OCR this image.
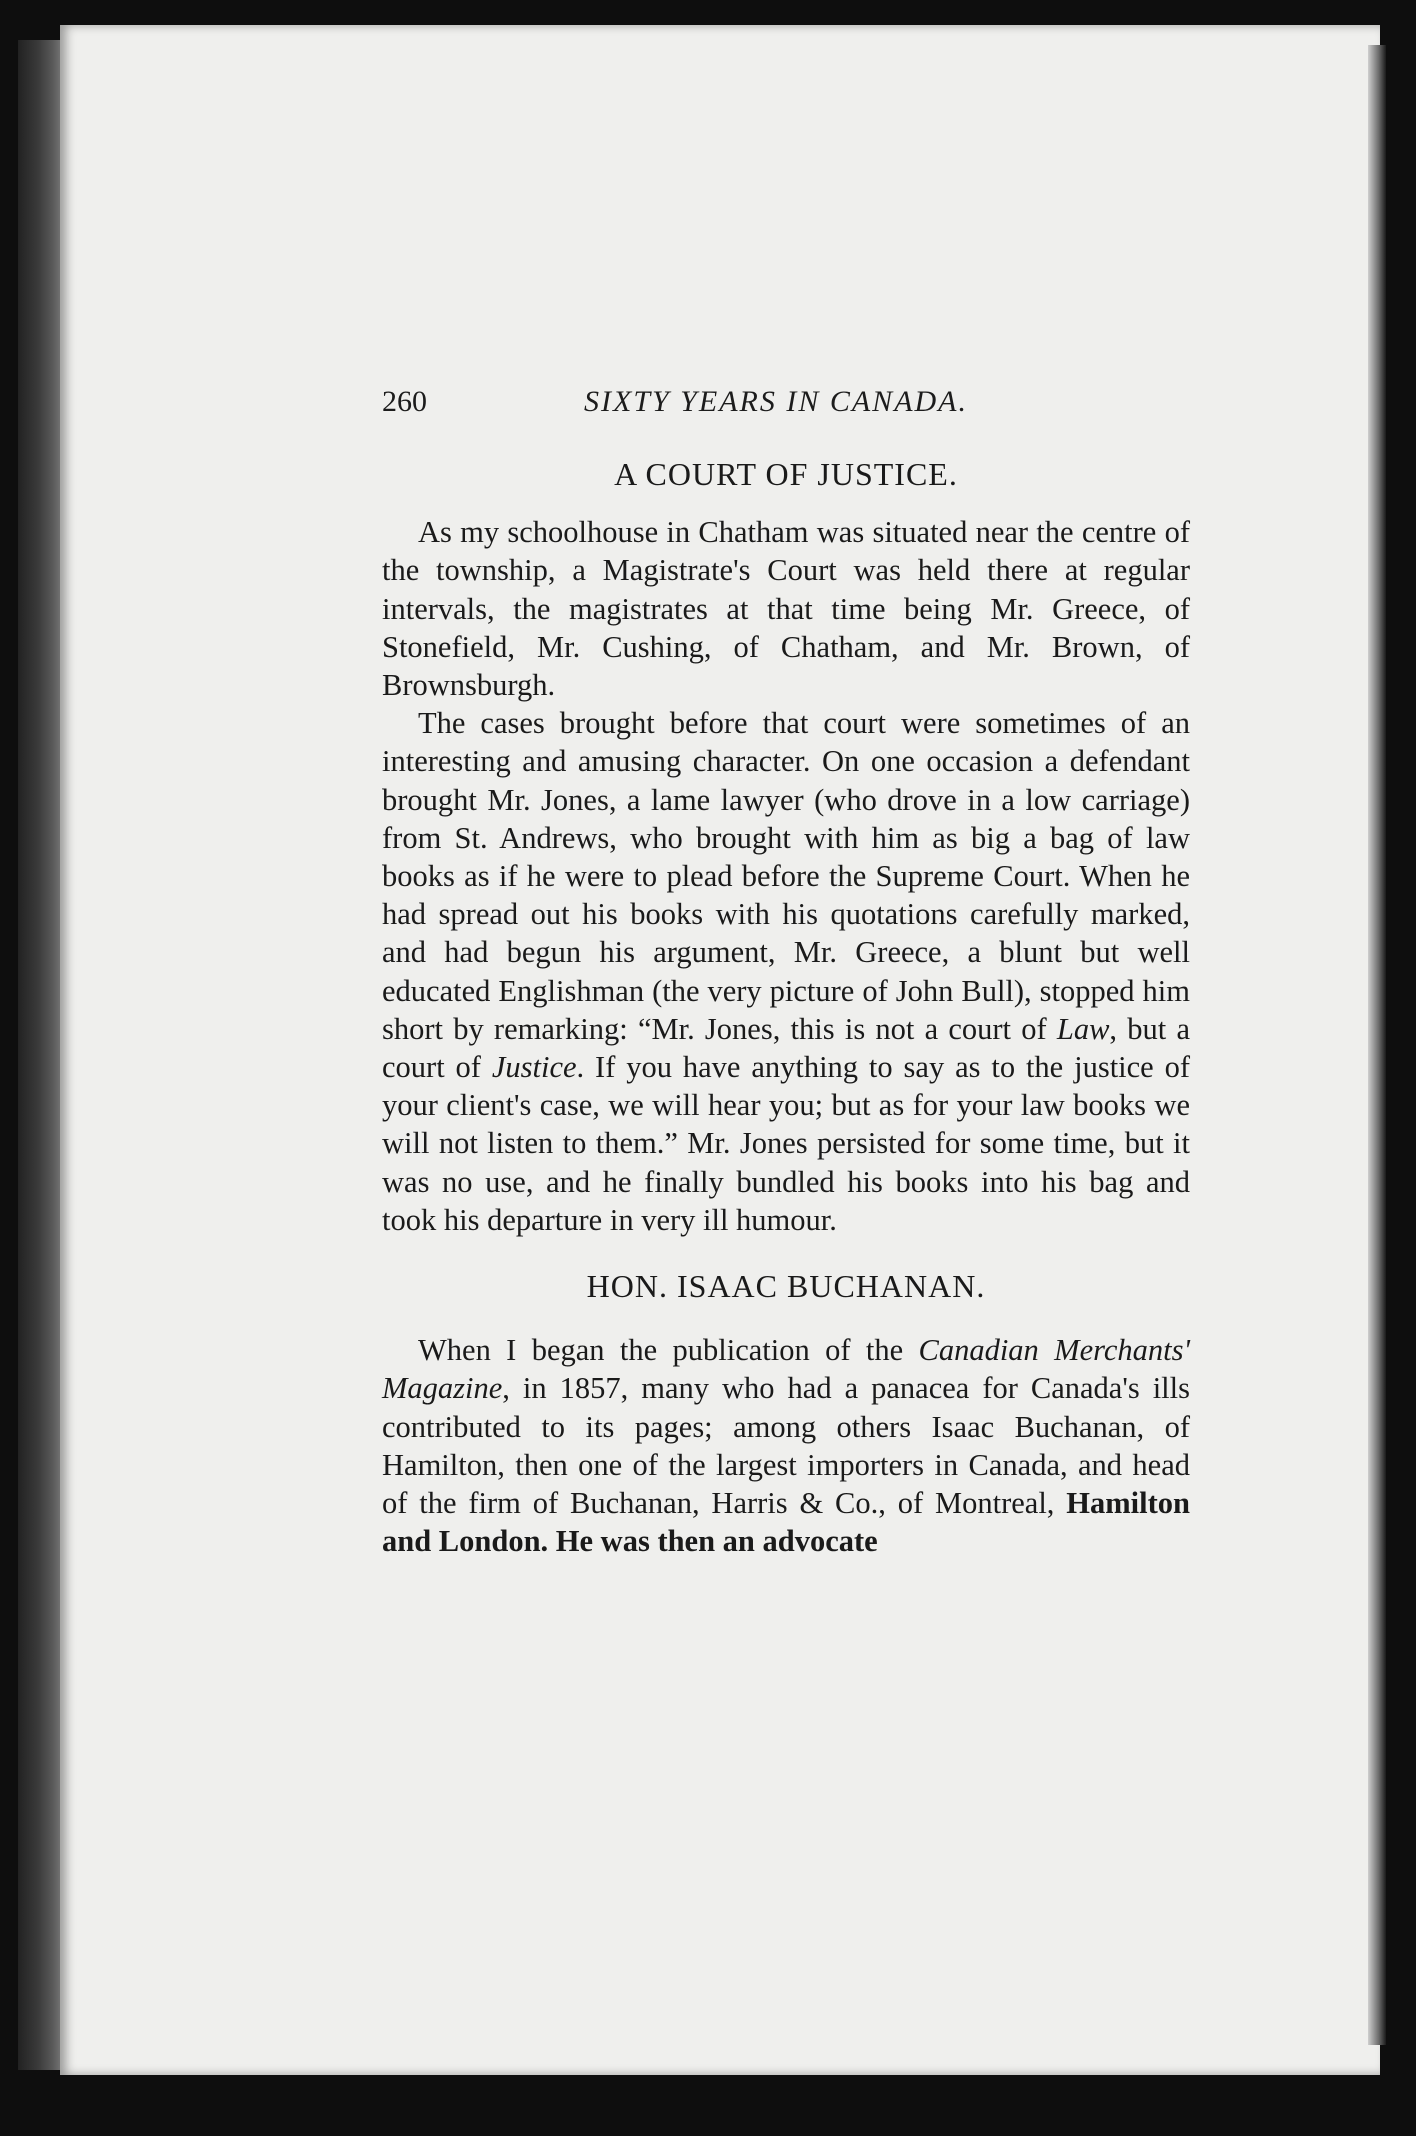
260	SIXTY YEARS IN CANADA.
A COURT OF JUSTICE.

As my schoolhouse in Chatham was situated near the centre of the township, a Magistrate's Court was held there at regular intervals, the magistrates at that time being Mr. Greece, of Stonefield, Mr. Cushing, of Chatham, and Mr. Brown, of Brownsburgh.

The cases brought before that court were sometimes of an interesting and amusing character. On one occasion a defendant brought Mr. Jones, a lame lawyer (who drove in a low carriage) from St. Andrews, who brought with him as big a bag of law books as if he were to plead before the Supreme Court. When he had spread out his books with his quotations carefully marked, and had begun his argument, Mr. Greece, a blunt but well educated Englishman (the very picture of John Bull), stopped him short by remarking: “Mr. Jones, this is not a court of Law, but a court of Justice. If you have anything to say as to the justice of your client's case, we will hear you; but as for your law books we will not listen to them.” Mr. Jones persisted for some time, but it was no use, and he finally bundled his books into his bag and took his departure in very ill humour.

HON. ISAAC BUCHANAN.

When I began the publication of the Canadian Merchants' Magazine, in 1857, many who had a panacea for Canada's ills contributed to its pages; among others Isaac Buchanan, of Hamilton, then one of the largest importers in Canada, and head of the firm of Buchanan, Harris & Co., of Montreal, Hamilton and London. He was then an advocate
